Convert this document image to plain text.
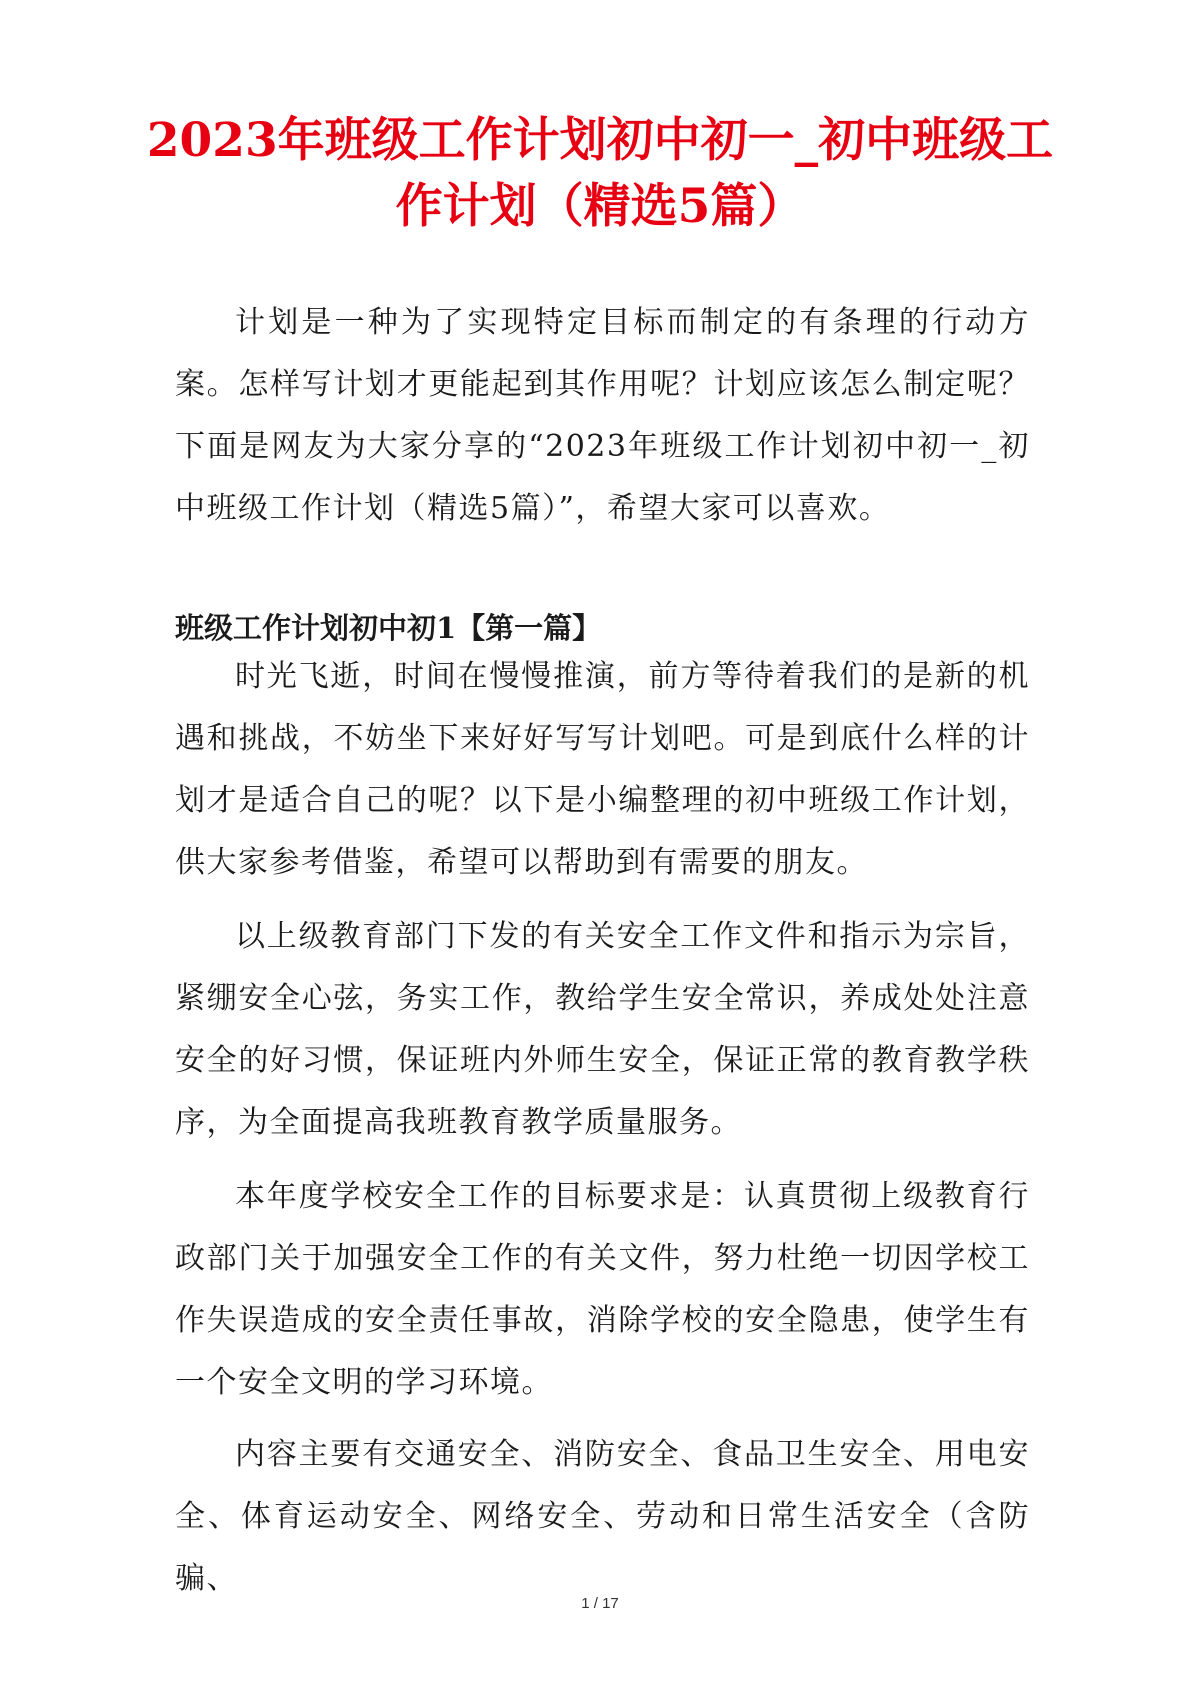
2023年班级工作计划初中初一_初中班级工作计划（精选5篇）

计划是一种为了实现特定目标而制定的有条理的行动方案。怎样写计划才更能起到其作用呢？计划应该怎么制定呢？下面是网友为大家分享的“2023年班级工作计划初中初一_初中班级工作计划（精选5篇）”，希望大家可以喜欢。

班级工作计划初中初1【第一篇】

时光飞逝，时间在慢慢推演，前方等待着我们的是新的机遇和挑战，不妨坐下来好好写写计划吧。可是到底什么样的计划才是适合自己的呢？以下是小编整理的初中班级工作计划，供大家参考借鉴，希望可以帮助到有需要的朋友。

以上级教育部门下发的有关安全工作文件和指示为宗旨，紧绷安全心弦，务实工作，教给学生安全常识，养成处处注意安全的好习惯，保证班内外师生安全，保证正常的教育教学秩序，为全面提高我班教育教学质量服务。

本年度学校安全工作的目标要求是：认真贯彻上级教育行政部门关于加强安全工作的有关文件，努力杜绝一切因学校工作失误造成的安全责任事故，消除学校的安全隐患，使学生有一个安全文明的学习环境。

内容主要有交通安全、消防安全、食品卫生安全、用电安全、体育运动安全、网络安全、劳动和日常生活安全（含防骗、

1 / 17
